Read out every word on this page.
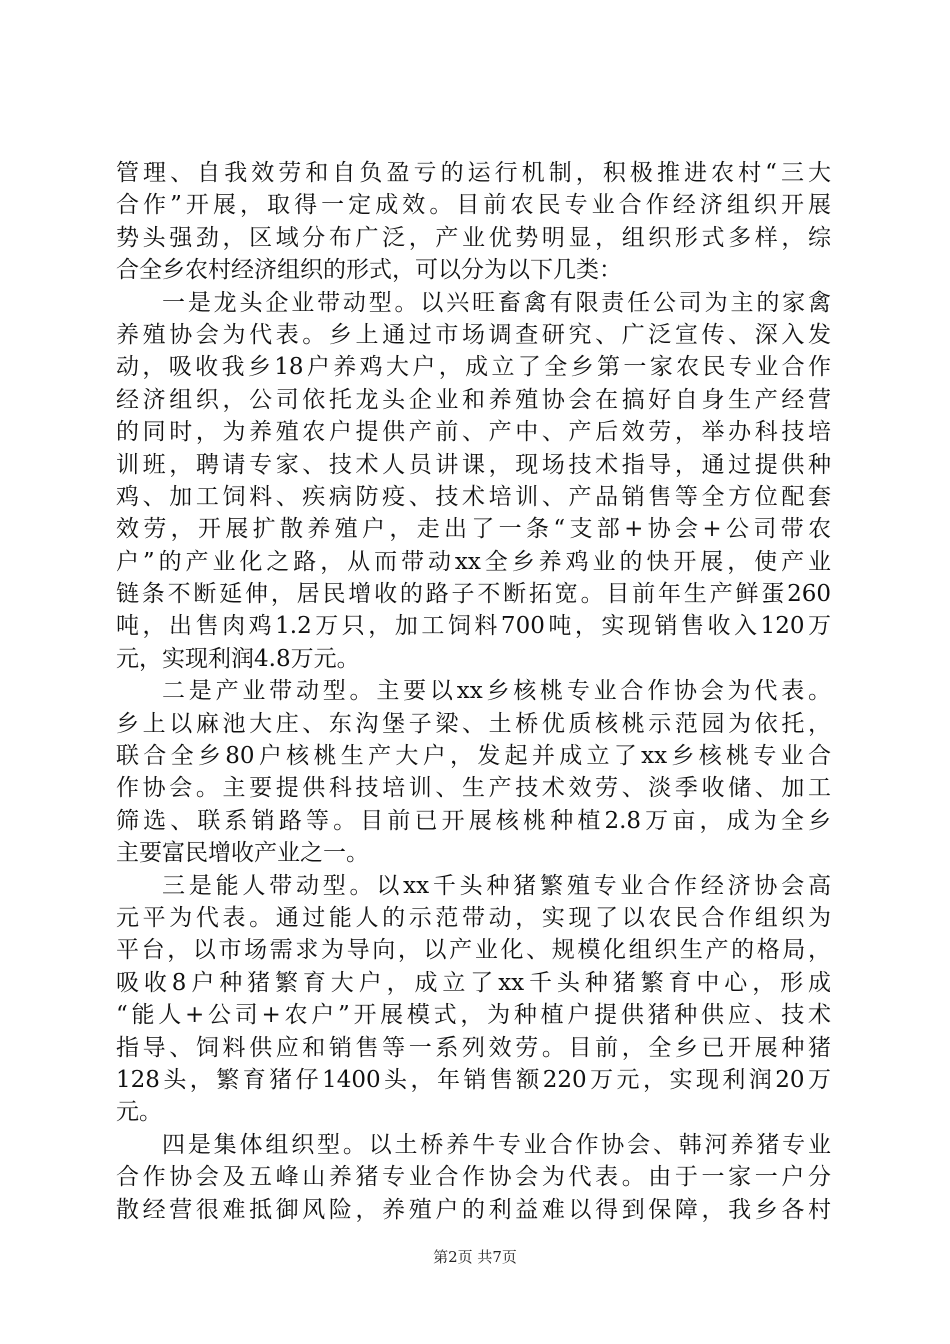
管理、自我效劳和自负盈亏的运行机制，积极推进农村“三大
合作”开展，取得一定成效。目前农民专业合作经济组织开展
势头强劲，区域分布广泛，产业优势明显，组织形式多样，综
合全乡农村经济组织的形式，可以分为以下几类：
一是龙头企业带动型。以兴旺畜禽有限责任公司为主的家禽
养殖协会为代表。乡上通过市场调查研究、广泛宣传、深入发
动，吸收我乡18户养鸡大户，成立了全乡第一家农民专业合作
经济组织，公司依托龙头企业和养殖协会在搞好自身生产经营
的同时，为养殖农户提供产前、产中、产后效劳，举办科技培
训班，聘请专家、技术人员讲课，现场技术指导，通过提供种
鸡、加工饲料、疾病防疫、技术培训、产品销售等全方位配套
效劳，开展扩散养殖户，走出了一条“支部+协会+公司带农
户”的产业化之路，从而带动xx全乡养鸡业的快开展，使产业
链条不断延伸，居民增收的路子不断拓宽。目前年生产鲜蛋260
吨，出售肉鸡1.2万只，加工饲料700吨，实现销售收入120万
元，实现利润4.8万元。
二是产业带动型。主要以xx乡核桃专业合作协会为代表。
乡上以麻池大庄、东沟堡子梁、土桥优质核桃示范园为依托，
联合全乡80户核桃生产大户，发起并成立了xx乡核桃专业合
作协会。主要提供科技培训、生产技术效劳、淡季收储、加工
筛选、联系销路等。目前已开展核桃种植2.8万亩，成为全乡
主要富民增收产业之一。
三是能人带动型。以xx千头种猪繁殖专业合作经济协会高
元平为代表。通过能人的示范带动，实现了以农民合作组织为
平台，以市场需求为导向，以产业化、规模化组织生产的格局，
吸收8户种猪繁育大户，成立了xx千头种猪繁育中心，形成
“能人+公司+农户”开展模式，为种植户提供猪种供应、技术
指导、饲料供应和销售等一系列效劳。目前，全乡已开展种猪
128头，繁育猪仔1400头，年销售额220万元，实现利润20万
元。
四是集体组织型。以土桥养牛专业合作协会、韩河养猪专业
合作协会及五峰山养猪专业合作协会为代表。由于一家一户分
散经营很难抵御风险，养殖户的利益难以得到保障，我乡各村
第2页 共7页
